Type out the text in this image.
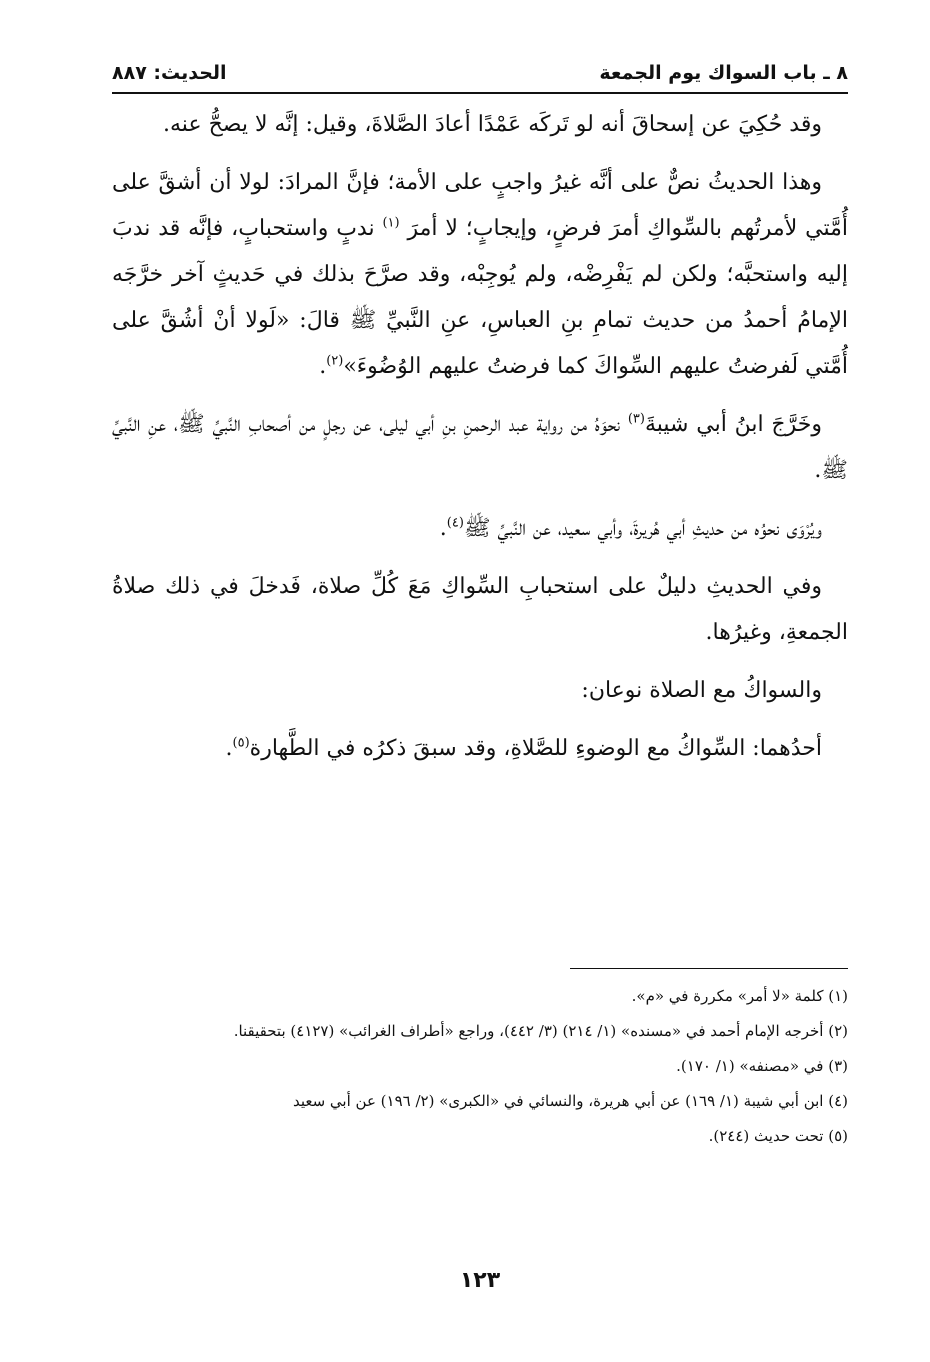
٨ ـ باب السواك يوم الجمعة
الحديث: ٨٨٧

وقد حُكِيَ عن إسحاقَ أنه لو تَركَه عَمْدًا أعادَ الصَّلاةَ، وقيل: إنَّه لا يصحُّ عنه.

وهذا الحديثُ نصٌّ على أنَّه غيرُ واجبٍ على الأمة؛ فإنَّ المرادَ: لولا أن أشقَّ على أُمَّتي لأمرتُهم بالسِّواكِ أمرَ فرضٍ، وإيجابٍ؛ لا أمرَ $^{(١)}$ ندبٍ واستحبابٍ، فإنَّه قد ندبَ إليه واستحبَّه؛ ولكن لم يَفْرِضْه، ولم يُوجِبْه، وقد صرَّحَ بذلك في حَديثٍ آخر خرَّجَه الإمامُ أحمدُ من حديث تمامِ بنِ العباسِ، عنِ النَّبيِّ ﷺ قالَ: «لَولا أنْ أشُقَّ على أُمَّتي لَفرضتُ عليهم السِّواكَ كما فرضتُ عليهم الوُضُوءَ»$^{(٢)}$.

وخَرَّجَ ابنُ أبي شيبةَ$^{(٣)}$ نحوَهُ من رواية عبد الرحمنِ بنِ أبي ليلى، عن رجلٍ من أصحابِ النَّبيِّ ﷺ، عنِ النَّبيِّ ﷺ.

ويُرْوَى نحوُه من حديثِ أبي هُريرةَ، وأبي سعيد، عن النَّبيِّ ﷺ$^{(٤)}$.

وفي الحديثِ دليلٌ على استحبابِ السِّواكِ مَعَ كُلِّ صلاة، فَدخلَ في ذلك صلاةُ الجمعةِ، وغيرُها.

والسواكُ مع الصلاة نوعان:

أحدُهما: السِّواكُ مع الوضوءِ للصَّلاةِ، وقد سبقَ ذكرُه في الطَّهارة$^{(٥)}$.

(١) كلمة «لا أمر» مكررة في «م».

(٢) أخرجه الإمام أحمد في «مسنده» (١/ ٢١٤) (٣/ ٤٤٢)، وراجع «أطراف الغرائب» (٤١٢٧) بتحقيقنا.

(٣) في «مصنفه» (١/ ١٧٠).

(٤) ابن أبي شيبة (١/ ١٦٩) عن أبي هريرة، والنسائي في «الكبرى» (٢/ ١٩٦) عن أبي سعيد

(٥) تحت حديث (٢٤٤).

١٢٣
